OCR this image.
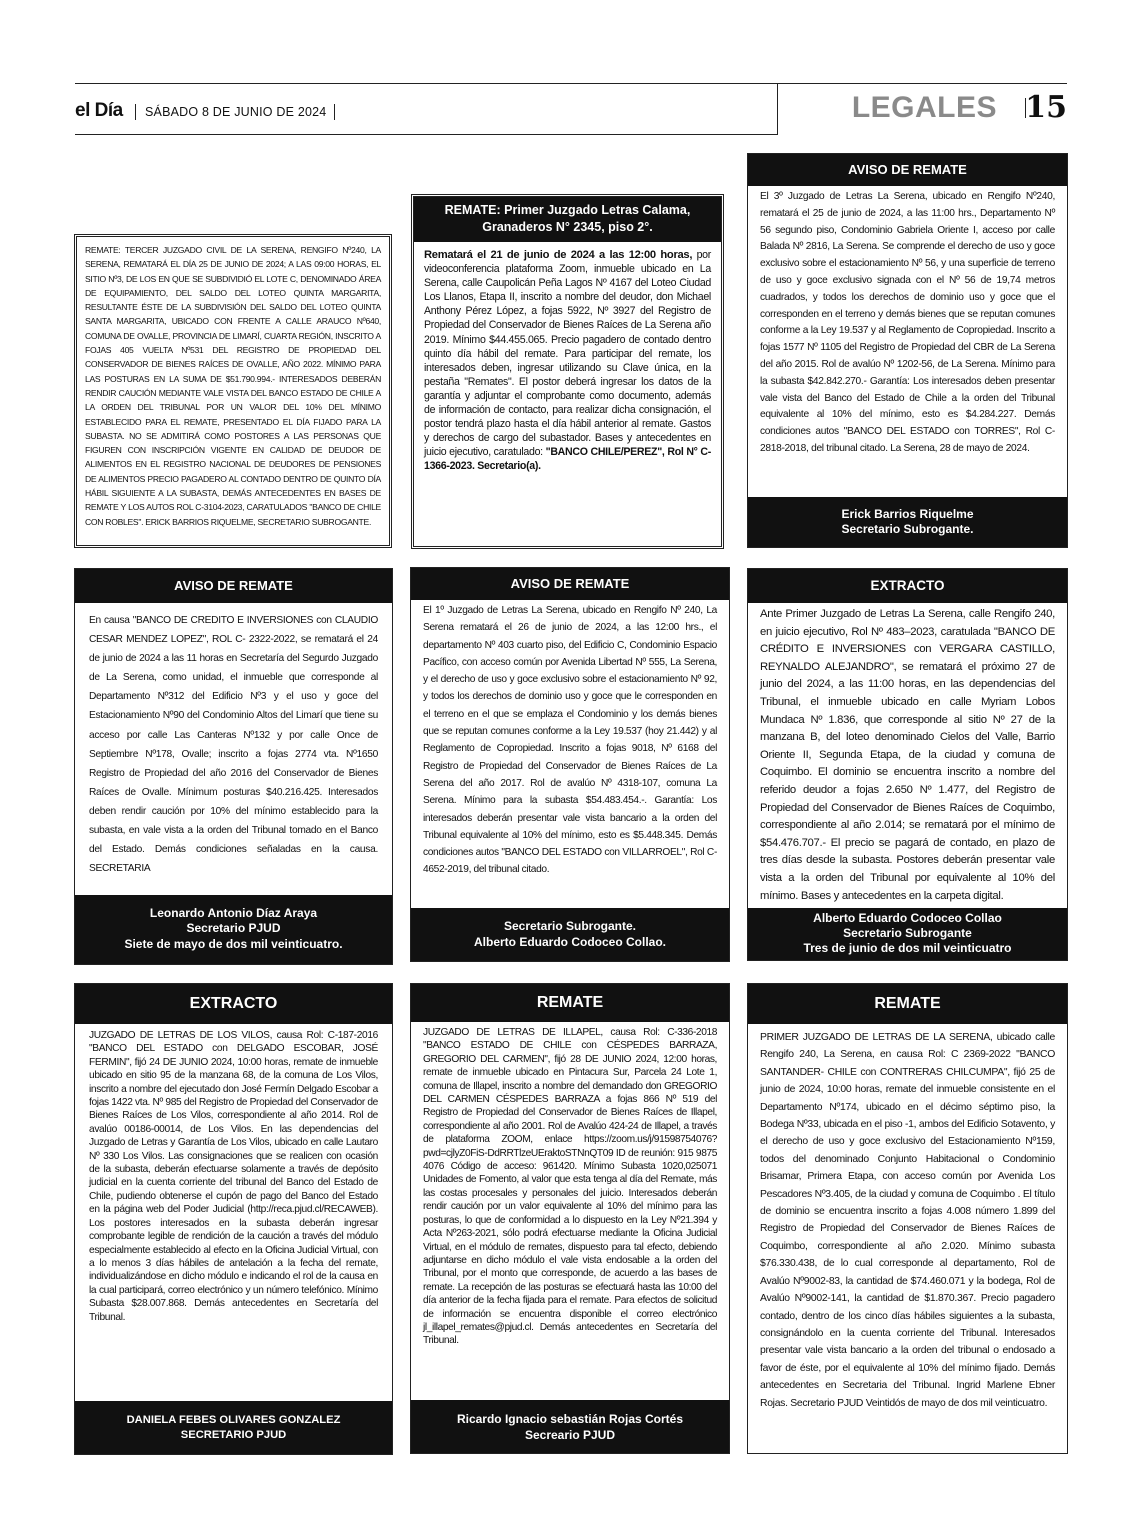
el Día SÁBADO 8 DE JUNIO DE 2024	LEGALES 15
REMATE: TERCER JUZGADO CIVIL DE LA SERENA, RENGIFO Nº240, LA SERENA, REMATARÁ EL DÍA 25 DE JUNIO DE 2024; A LAS 09:00 HORAS, EL SITIO Nº3, DE LOS EN QUE SE SUBDIVIDIÓ EL LOTE C, DENOMINADO ÁREA DE EQUIPAMIENTO, DEL SALDO DEL LOTEO QUINTA MARGARITA, RESULTANTE ÉSTE DE LA SUBDIVISIÓN DEL SALDO DEL LOTEO QUINTA SANTA MARGARITA, UBICADO CON FRENTE A CALLE ARAUCO Nº640, COMUNA DE OVALLE, PROVINCIA DE LIMARÍ, CUARTA REGIÓN, INSCRITO A FOJAS 405 VUELTA Nº531 DEL REGISTRO DE PROPIEDAD DEL CONSERVADOR DE BIENES RAÍCES DE OVALLE, AÑO 2022. MÍNIMO PARA LAS POSTURAS EN LA SUMA DE $51.790.994.- INTERESADOS DEBERÁN RENDIR CAUCIÓN MEDIANTE VALE VISTA DEL BANCO ESTADO DE CHILE A LA ORDEN DEL TRIBUNAL POR UN VALOR DEL 10% DEL MÍNIMO ESTABLECIDO PARA EL REMATE, PRESENTADO EL DÍA FIJADO PARA LA SUBASTA. NO SE ADMITIRÁ COMO POSTORES A LAS PERSONAS QUE FIGUREN CON INSCRIPCIÓN VIGENTE EN CALIDAD DE DEUDOR DE ALIMENTOS EN EL REGISTRO NACIONAL DE DEUDORES DE PENSIONES DE ALIMENTOS PRECIO PAGADERO AL CONTADO DENTRO DE QUINTO DÍA HÁBIL SIGUIENTE A LA SUBASTA, DEMÁS ANTECEDENTES EN BASES DE REMATE Y LOS AUTOS ROL C-3104-2023, CARATULADOS "BANCO DE CHILE CON ROBLES". ERICK BARRIOS RIQUELME, SECRETARIO SUBROGANTE.
REMATE: Primer Juzgado Letras Calama, Granaderos N° 2345, piso 2°.
Rematará el 21 de junio de 2024 a las 12:00 horas, por videoconferencia plataforma Zoom, inmueble ubicado en La Serena, calle Caupolicán Peña Lagos Nº 4167 del Loteo Ciudad Los Llanos, Etapa II, inscrito a nombre del deudor, don Michael Anthony Pérez López, a fojas 5922, Nº 3927 del Registro de Propiedad del Conservador de Bienes Raíces de La Serena año 2019. Mínimo $44.455.065. Precio pagadero de contado dentro quinto día hábil del remate. Para participar del remate, los interesados deben, ingresar utilizando su Clave única, en la pestaña "Remates". El postor deberá ingresar los datos de la garantía y adjuntar el comprobante como documento, además de información de contacto, para realizar dicha consignación, el postor tendrá plazo hasta el día hábil anterior al remate. Gastos y derechos de cargo del subastador. Bases y antecedentes en juicio ejecutivo, caratulado: "BANCO CHILE/PEREZ", Rol N° C-1366-2023. Secretario(a).
AVISO DE REMATE
El 3º Juzgado de Letras La Serena, ubicado en Rengifo Nº240, rematará el 25 de junio de 2024, a las 11:00 hrs., Departamento Nº 56 segundo piso, Condominio Gabriela Oriente I, acceso por calle Balada Nº 2816, La Serena. Se comprende el derecho de uso y goce exclusivo sobre el estacionamiento Nº 56, y una superficie de terreno de uso y goce exclusivo signada con el Nº 56 de 19,74 metros cuadrados, y todos los derechos de dominio uso y goce que el corresponden en el terreno y demás bienes que se reputan comunes conforme a la Ley 19.537 y al Reglamento de Copropiedad. Inscrito a fojas 1577 Nº 1105 del Registro de Propiedad del CBR de La Serena del año 2015. Rol de avalúo Nº 1202-56, de La Serena. Mínimo para la subasta $42.842.270.- Garantía: Los interesados deben presentar vale vista del Banco del Estado de Chile a la orden del Tribunal equivalente al 10% del mínimo, esto es $4.284.227. Demás condiciones autos "BANCO DEL ESTADO con TORRES", Rol C-2818-2018, del tribunal citado. La Serena, 28 de mayo de 2024.
Erick Barrios Riquelme
Secretario Subrogante.
AVISO DE REMATE
En causa "BANCO DE CREDITO E INVERSIONES con CLAUDIO CESAR MENDEZ LOPEZ", ROL C- 2322-2022, se rematará el 24 de junio de 2024 a las 11 horas en Secretaría del Segurdo Juzgado de La Serena, como unidad, el inmueble que corresponde al Departamento Nº312 del Edificio Nº3 y el uso y goce del Estacionamiento Nº90 del Condominio Altos del Limarí que tiene su acceso por calle Las Canteras Nº132 y por calle Once de Septiembre Nº178, Ovalle; inscrito a fojas 2774 vta. Nº1650 Registro de Propiedad del año 2016 del Conservador de Bienes Raíces de Ovalle. Mínimum posturas $40.216.425. Interesados deben rendir caución por 10% del mínimo establecido para la subasta, en vale vista a la orden del Tribunal tomado en el Banco del Estado. Demás condiciones señaladas en la causa. SECRETARIA
Leonardo Antonio Díaz Araya
Secretario PJUD
Siete de mayo de dos mil veinticuatro.
AVISO DE REMATE
El 1º Juzgado de Letras La Serena, ubicado en Rengifo Nº 240, La Serena rematará el 26 de junio de 2024, a las 12:00 hrs., el departamento Nº 403 cuarto piso, del Edificio C, Condominio Espacio Pacífico, con acceso común por Avenida Libertad Nº 555, La Serena, y el derecho de uso y goce exclusivo sobre el estacionamiento Nº 92, y todos los derechos de dominio uso y goce que le corresponden en el terreno en el que se emplaza el Condominio y los demás bienes que se reputan comunes conforme a la Ley 19.537 (hoy 21.442) y al Reglamento de Copropiedad. Inscrito a fojas 9018, Nº 6168 del Registro de Propiedad del Conservador de Bienes Raíces de La Serena del año 2017. Rol de avalúo Nº 4318-107, comuna La Serena. Mínimo para la subasta $54.483.454.-. Garantía: Los interesados deberán presentar vale vista bancario a la orden del Tribunal equivalente al 10% del mínimo, esto es $5.448.345. Demás condiciones autos "BANCO DEL ESTADO con VILLARROEL", Rol C-4652-2019, del tribunal citado.
Secretario Subrogante.
Alberto Eduardo Codoceo Collao.
EXTRACTO
Ante Primer Juzgado de Letras La Serena, calle Rengifo 240, en juicio ejecutivo, Rol Nº 483–2023, caratulada "BANCO DE CRÉDITO E INVERSIONES con VERGARA CASTILLO, REYNALDO ALEJANDRO", se rematará el próximo 27 de junio del 2024, a las 11:00 horas, en las dependencias del Tribunal, el inmueble ubicado en calle Myriam Lobos Mundaca Nº 1.836, que corresponde al sitio Nº 27 de la manzana B, del loteo denominado Cielos del Valle, Barrio Oriente II, Segunda Etapa, de la ciudad y comuna de Coquimbo. El dominio se encuentra inscrito a nombre del referido deudor a fojas 2.650 Nº 1.477, del Registro de Propiedad del Conservador de Bienes Raíces de Coquimbo, correspondiente al año 2.014; se rematará por el mínimo de $54.476.707.- El precio se pagará de contado, en plazo de tres días desde la subasta. Postores deberán presentar vale vista a la orden del Tribunal por equivalente al 10% del mínimo. Bases y antecedentes en la carpeta digital.
Alberto Eduardo Codoceo Collao
Secretario Subrogante
Tres de junio de dos mil veinticuatro
EXTRACTO
JUZGADO DE LETRAS DE LOS VILOS, causa Rol: C-187-2016 "BANCO DEL ESTADO con DELGADO ESCOBAR, JOSÉ FERMIN", fijó 24 DE JUNIO 2024, 10:00 horas, remate de inmueble ubicado en sitio 95 de la manzana 68, de la comuna de Los Vilos, inscrito a nombre del ejecutado don José Fermín Delgado Escobar a fojas 1422 vta. Nº 985 del Registro de Propiedad del Conservador de Bienes Raíces de Los Vilos, correspondiente al año 2014. Rol de avalúo 00186-00014, de Los Vilos. En las dependencias del Juzgado de Letras y Garantía de Los Vilos, ubicado en calle Lautaro Nº 330 Los Vilos. Las consignaciones que se realicen con ocasión de la subasta, deberán efectuarse solamente a través de depósito judicial en la cuenta corriente del tribunal del Banco del Estado de Chile, pudiendo obtenerse el cupón de pago del Banco del Estado en la página web del Poder Judicial (http://reca.pjud.cl/RECAWEB). Los postores interesados en la subasta deberán ingresar comprobante legible de rendición de la caución a través del módulo especialmente establecido al efecto en la Oficina Judicial Virtual, con a lo menos 3 días hábiles de antelación a la fecha del remate, individualizándose en dicho módulo e indicando el rol de la causa en la cual participará, correo electrónico y un número telefónico. Mínimo Subasta $28.007.868. Demás antecedentes en Secretaría del Tribunal.
DANIELA FEBES OLIVARES GONZALEZ
SECRETARIO PJUD
REMATE
JUZGADO DE LETRAS DE ILLAPEL, causa Rol: C-336-2018 "BANCO ESTADO DE CHILE con CÉSPEDES BARRAZA, GREGORIO DEL CARMEN", fijó 28 DE JUNIO 2024, 12:00 horas, remate de inmueble ubicado en Pintacura Sur, Parcela 24 Lote 1, comuna de Illapel, inscrito a nombre del demandado don GREGORIO DEL CARMEN CÉSPEDES BARRAZA a fojas 866 Nº 519 del Registro de Propiedad del Conservador de Bienes Raíces de Illapel, correspondiente al año 2001. Rol de Avalúo 424-24 de Illapel, a través de plataforma ZOOM, enlace https://zoom.us/j/91598754076?pwd=cjlyZ0FiS-DdRRTlzeUEraktoSTNnQT09 ID de reunión: 915 9875 4076 Código de acceso: 961420. Mínimo Subasta 1020,025071 Unidades de Fomento, al valor que esta tenga al día del Remate, más las costas procesales y personales del juicio. Interesados deberán rendir caución por un valor equivalente al 10% del mínimo para las posturas, lo que de conformidad a lo dispuesto en la Ley Nº21.394 y Acta Nº263-2021, sólo podrá efectuarse mediante la Oficina Judicial Virtual, en el módulo de remates, dispuesto para tal efecto, debiendo adjuntarse en dicho módulo el vale vista endosable a la orden del Tribunal, por el monto que corresponde, de acuerdo a las bases de remate. La recepción de las posturas se efectuará hasta las 10:00 del día anterior de la fecha fijada para el remate. Para efectos de solicitud de información se encuentra disponible el correo electrónico jl_illapel_remates@pjud.cl. Demás antecedentes en Secretaría del Tribunal.
Ricardo Ignacio sebastián Rojas Cortés
Secreario PJUD
REMATE
PRIMER JUZGADO DE LETRAS DE LA SERENA, ubicado calle Rengifo 240, La Serena, en causa Rol: C 2369-2022 "BANCO SANTANDER- CHILE con CONTRERAS CHILCUMPA", fijó 25 de junio de 2024, 10:00 horas, remate del inmueble consistente en el Departamento Nº174, ubicado en el décimo séptimo piso, la Bodega Nº33, ubicada en el piso -1, ambos del Edificio Sotavento, y el derecho de uso y goce exclusivo del Estacionamiento Nº159, todos del denominado Conjunto Habitacional o Condominio Brisamar, Primera Etapa, con acceso común por Avenida Los Pescadores Nº3.405, de la ciudad y comuna de Coquimbo . El título de dominio se encuentra inscrito a fojas 4.008 número 1.899 del Registro de Propiedad del Conservador de Bienes Raíces de Coquimbo, correspondiente al año 2.020. Mínimo subasta $76.330.438, de lo cual corresponde al departamento, Rol de Avalúo Nº9002-83, la cantidad de $74.460.071 y la bodega, Rol de Avalúo Nº9002-141, la cantidad de $1.870.367. Precio pagadero contado, dentro de los cinco días hábiles siguientes a la subasta, consignándolo en la cuenta corriente del Tribunal. Interesados presentar vale vista bancario a la orden del tribunal o endosado a favor de éste, por el equivalente al 10% del mínimo fijado. Demás antecedentes en Secretaria del Tribunal. Ingrid Marlene Ebner Rojas. Secretario PJUD Veintidós de mayo de dos mil veinticuatro.
